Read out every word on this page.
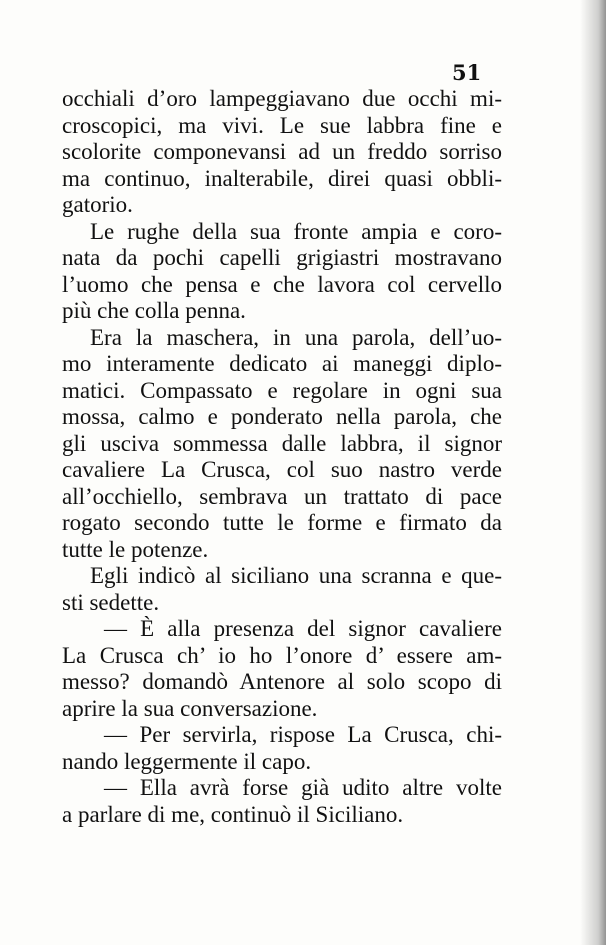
51
occhiali d’oro lampeggiavano due occhi mi-
croscopici, ma vivi. Le sue labbra fine e
scolorite componevansi ad un freddo sorriso
ma continuo, inalterabile, direi quasi obbli-
gatorio.
Le rughe della sua fronte ampia e coro-
nata da pochi capelli grigiastri mostravano
l’uomo che pensa e che lavora col cervello
più che colla penna.
Era la maschera, in una parola, dell’uo-
mo interamente dedicato ai maneggi diplo-
matici. Compassato e regolare in ogni sua
mossa, calmo e ponderato nella parola, che
gli usciva sommessa dalle labbra, il signor
cavaliere La Crusca, col suo nastro verde
all’occhiello, sembrava un trattato di pace
rogato secondo tutte le forme e firmato da
tutte le potenze.
Egli indicò al siciliano una scranna e que-
sti sedette.
— È alla presenza del signor cavaliere
La Crusca ch’ io ho l’onore d’ essere am-
messo? domandò Antenore al solo scopo di
aprire la sua conversazione.
— Per servirla, rispose La Crusca, chi-
nando leggermente il capo.
— Ella avrà forse già udito altre volte
a parlare di me, continuò il Siciliano.
